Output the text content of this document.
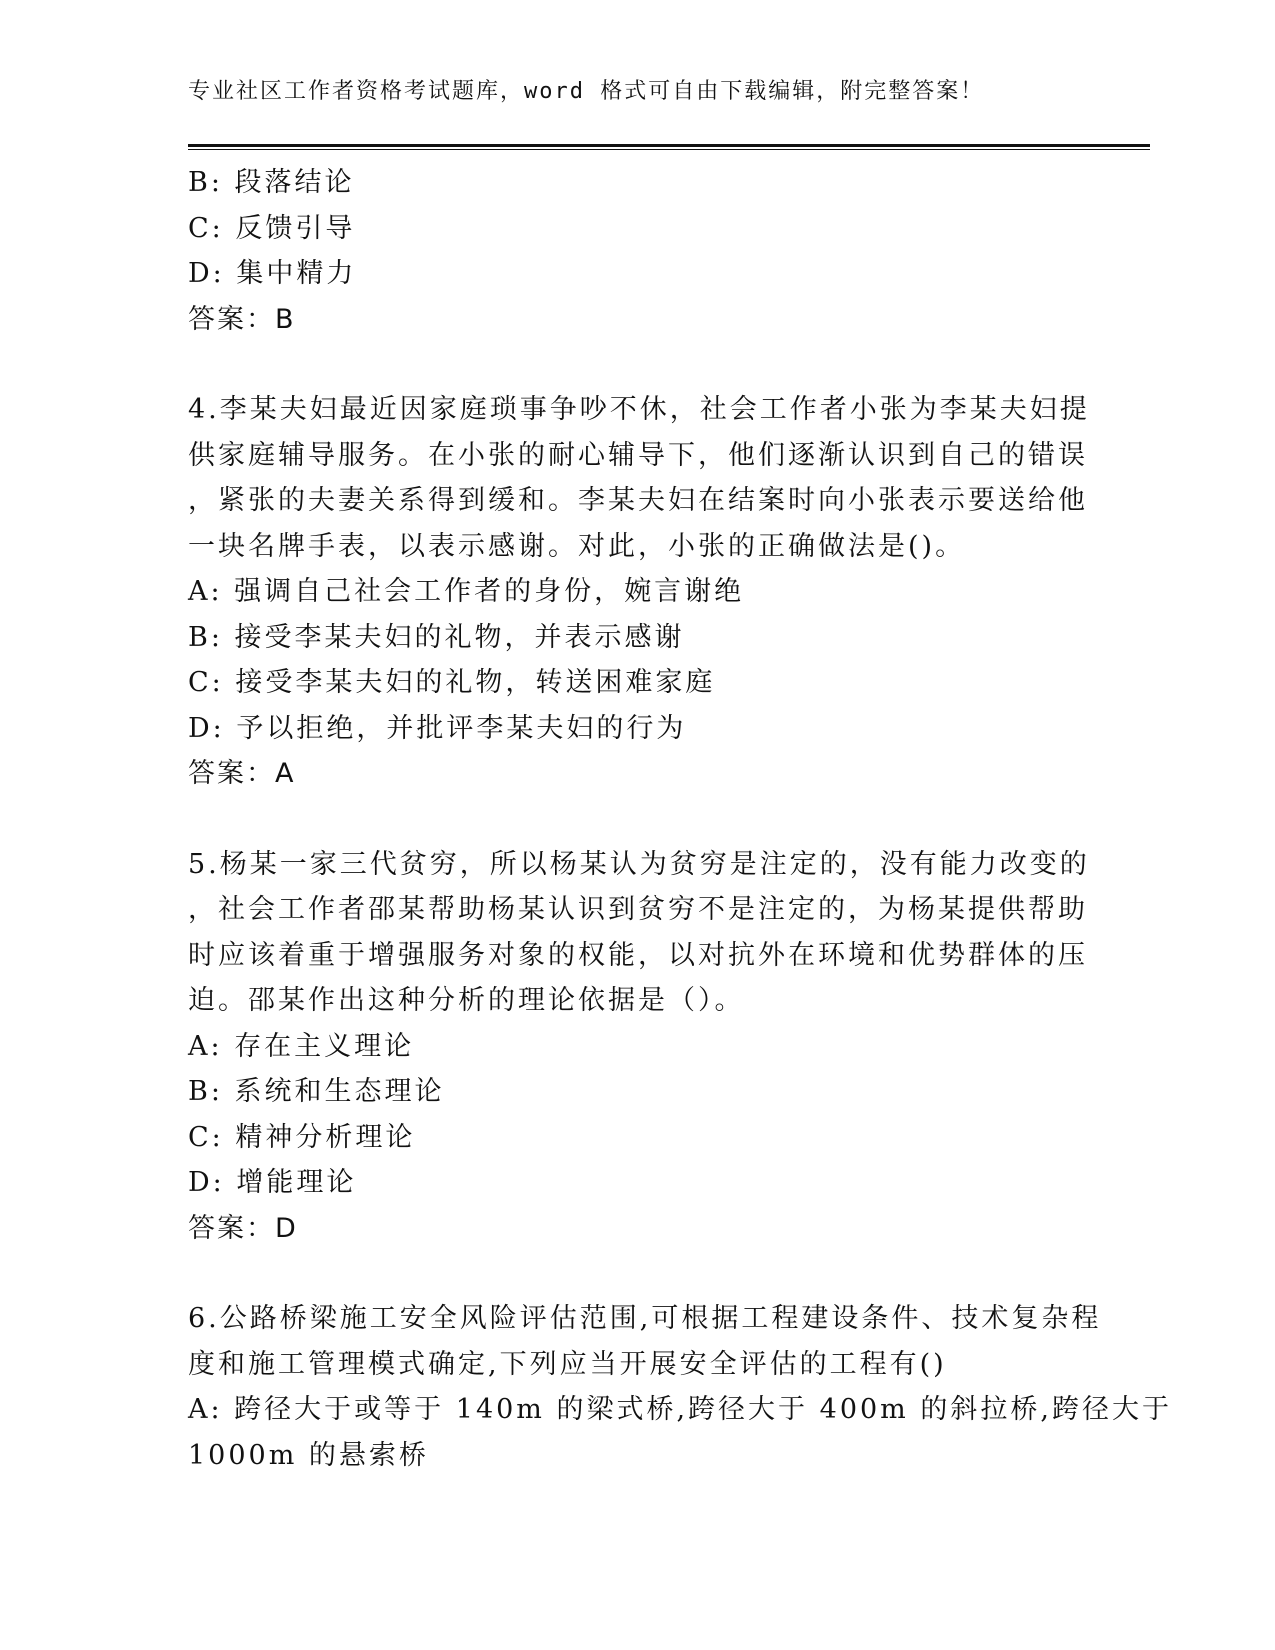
专业社区工作者资格考试题库，word 格式可自由下载编辑，附完整答案！
B: 段落结论
C: 反馈引导
D: 集中精力
答案：B
4.李某夫妇最近因家庭琐事争吵不休，社会工作者小张为李某夫妇提
供家庭辅导服务。在小张的耐心辅导下，他们逐渐认识到自己的错误
，紧张的夫妻关系得到缓和。李某夫妇在结案时向小张表示要送给他
一块名牌手表，以表示感谢。对此，小张的正确做法是()。
A: 强调自己社会工作者的身份，婉言谢绝
B: 接受李某夫妇的礼物，并表示感谢
C: 接受李某夫妇的礼物，转送困难家庭
D: 予以拒绝，并批评李某夫妇的行为
答案：A
5.杨某一家三代贫穷，所以杨某认为贫穷是注定的，没有能力改变的
，社会工作者邵某帮助杨某认识到贫穷不是注定的，为杨某提供帮助
时应该着重于增强服务对象的权能，以对抗外在环境和优势群体的压
迫。邵某作出这种分析的理论依据是（）。
A: 存在主义理论
B: 系统和生态理论
C: 精神分析理论
D: 增能理论
答案：D
6.公路桥梁施工安全风险评估范围,可根据工程建设条件、技术复杂程
度和施工管理模式确定,下列应当开展安全评估的工程有()
A: 跨径大于或等于 140m 的梁式桥,跨径大于 400m 的斜拉桥,跨径大于
1000m 的悬索桥
